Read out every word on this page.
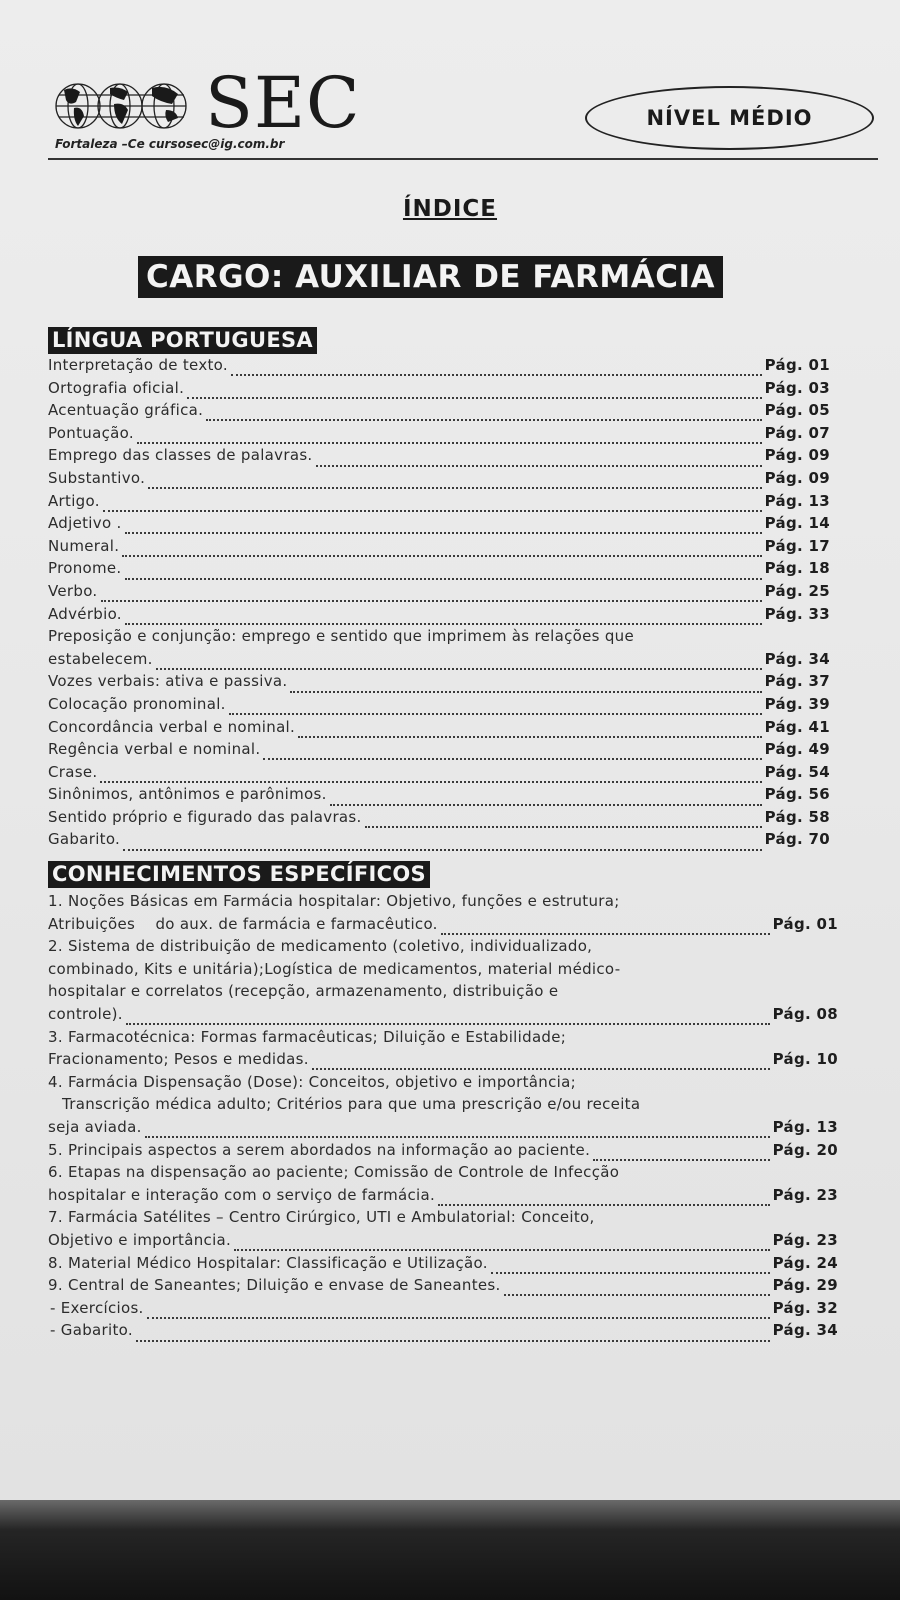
SEC
Fortaleza –Ce cursosec@ig.com.br
NÍVEL MÉDIO
ÍNDICE
CARGO: AUXILIAR DE FARMÁCIA
LÍNGUA PORTUGUESA
Interpretação de texto.	Pág. 01
Ortografia oficial.	Pág. 03
Acentuação gráfica.	Pág. 05
Pontuação.	Pág. 07
Emprego das classes de palavras.	Pág. 09
Substantivo.	Pág. 09
Artigo.	Pág. 13
Adjetivo .	Pág. 14
Numeral.	Pág. 17
Pronome.	Pág. 18
Verbo.	Pág. 25
Advérbio.	Pág. 33
Preposição e conjunção: emprego e sentido que imprimem às relações que
estabelecem.	Pág. 34
Vozes verbais: ativa e passiva.	Pág. 37
Colocação pronominal.	Pág. 39
Concordância verbal e nominal.	Pág. 41
Regência verbal e nominal.	Pág. 49
Crase.	Pág. 54
Sinônimos, antônimos e parônimos.	Pág. 56
Sentido próprio e figurado das palavras.	Pág. 58
Gabarito.	Pág. 70
CONHECIMENTOS ESPECÍFICOS
1. Noções Básicas em Farmácia hospitalar: Objetivo, funções e estrutura;
Atribuições    do aux. de farmácia e farmacêutico.	Pág. 01
2. Sistema de distribuição de medicamento (coletivo, individualizado,
combinado, Kits e unitária);Logística de medicamentos, material médico-
hospitalar e correlatos (recepção, armazenamento, distribuição e
controle).	Pág. 08
3. Farmacotécnica: Formas farmacêuticas; Diluição e Estabilidade;
Fracionamento; Pesos e medidas.	Pág. 10
4. Farmácia Dispensação (Dose): Conceitos, objetivo e importância;
Transcrição médica adulto; Critérios para que uma prescrição e/ou receita
seja aviada.	Pág. 13
5. Principais aspectos a serem abordados na informação ao paciente.	Pág. 20
6. Etapas na dispensação ao paciente; Comissão de Controle de Infecção
hospitalar e interação com o serviço de farmácia.	Pág. 23
7. Farmácia Satélites – Centro Cirúrgico, UTI e Ambulatorial: Conceito,
Objetivo e importância.	Pág. 23
8. Material Médico Hospitalar: Classificação e Utilização.	Pág. 24
9. Central de Saneantes; Diluição e envase de Saneantes.	Pág. 29
- Exercícios.	Pág. 32
- Gabarito.	Pág. 34
